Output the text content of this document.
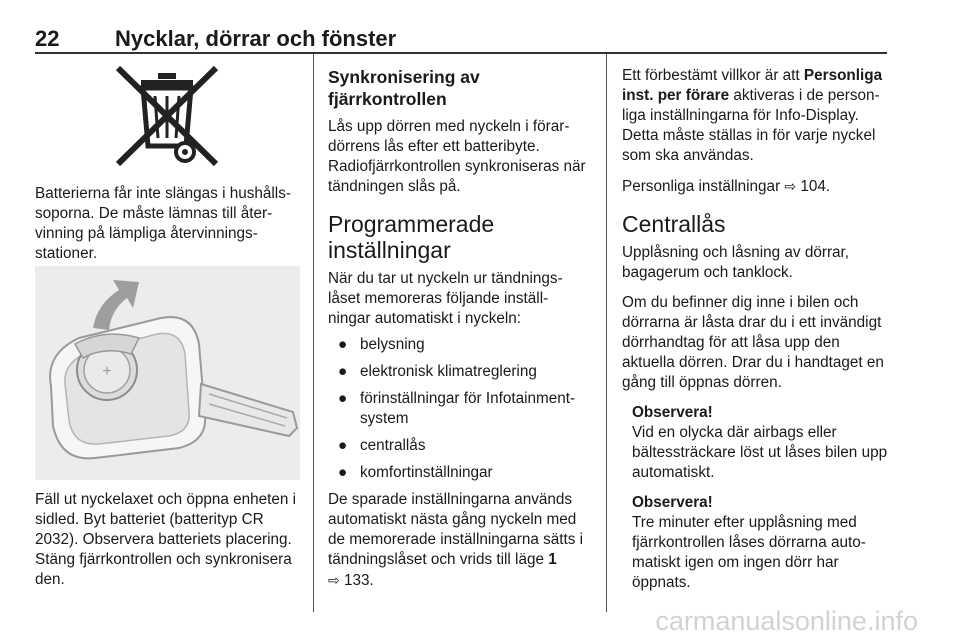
22	Nycklar, dörrar och fönster
Batterierna får inte slängas i hushålls-soporna. De måste lämnas till åter-vinning på lämpliga återvinnings-stationer.
+
Fäll ut nyckelaxet och öppna enheten i sidled. Byt batteriet (batterityp CR 2032). Observera batteriets placering. Stäng fjärrkontrollen och synkronisera den.
Synkronisering av fjärrkontrollen

Lås upp dörren med nyckeln i förar-dörrens lås efter ett batteribyte. Radiofjärrkontrollen synkroniseras när tändningen slås på.

Programmerade inställningar

När du tar ut nyckeln ur tändnings-låset memoreras följande inställ-ningar automatiskt i nyckeln:

● belysning
● elektronisk klimatreglering
● förinställningar för Infotainment-system
● centrallås
● komfortinställningar

De sparade inställningarna används automatiskt nästa gång nyckeln med de memorerade inställningarna sätts i tändningslåset och vrids till läge 1
⇨ 133.

Ett förbestämt villkor är att Personliga inst. per förare aktiveras i de person-liga inställningarna för Info-Display. Detta måste ställas in för varje nyckel som ska användas.

Personliga inställningar ⇨ 104.

Centrallås

Upplåsning och låsning av dörrar, bagagerum och tanklock.

Om du befinner dig inne i bilen och dörrarna är låsta drar du i ett invändigt dörrhandtag för att låsa upp den aktuella dörren. Drar du i handtaget en gång till öppnas dörren.

Observera!

Vid en olycka där airbags eller bältessträckare löst ut låses bilen upp automatiskt.

Observera!

Tre minuter efter upplåsning med fjärrkontrollen låses dörrarna auto-matiskt igen om ingen dörr har öppnats.

carmanualsonline.info
